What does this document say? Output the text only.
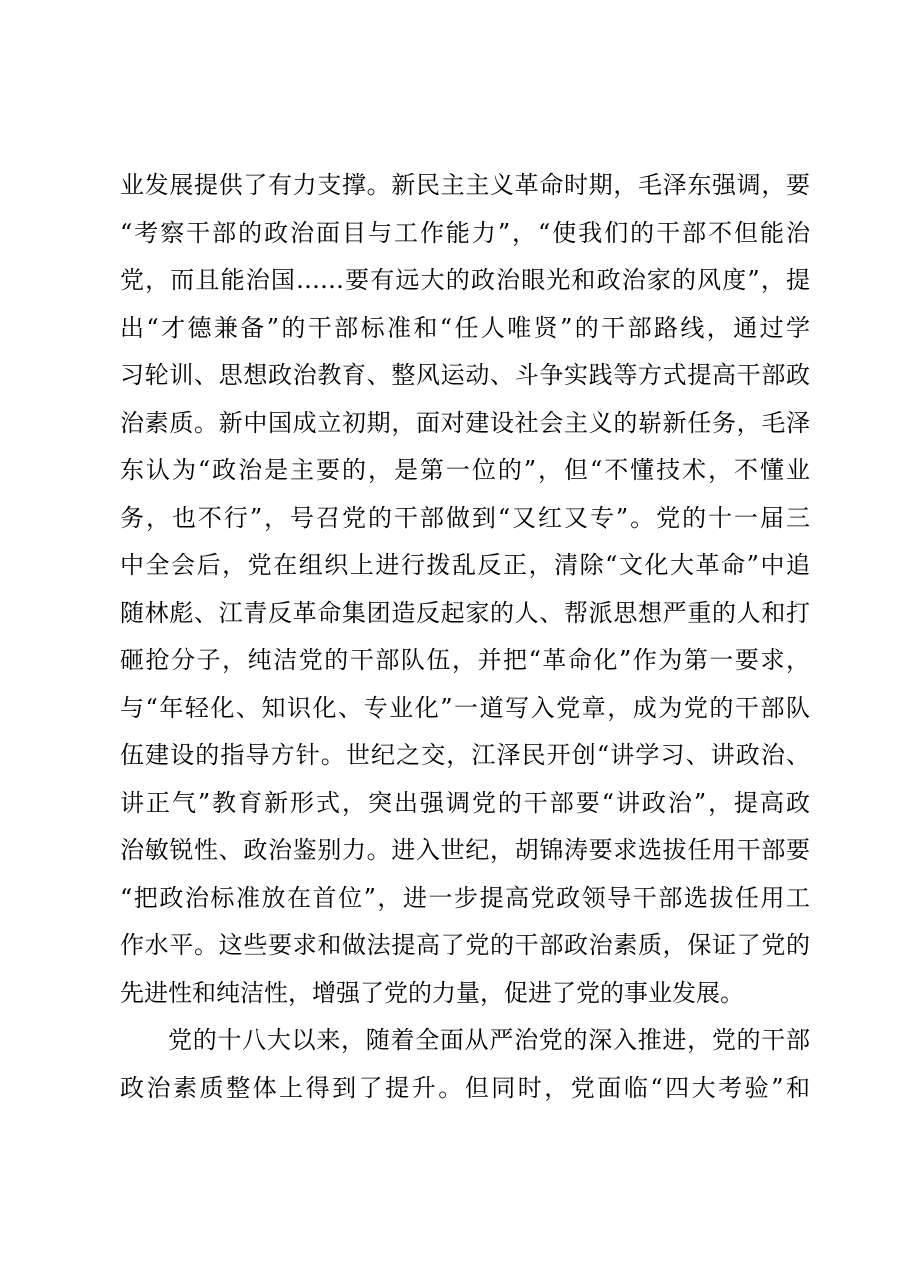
业发展提供了有力支撑。新民主主义革命时期，毛泽东强调，要
“考察干部的政治面目与工作能力”，“使我们的干部不但能治
党，而且能治国……要有远大的政治眼光和政治家的风度”，提
出“才德兼备”的干部标准和“任人唯贤”的干部路线，通过学
习轮训、思想政治教育、整风运动、斗争实践等方式提高干部政
治素质。新中国成立初期，面对建设社会主义的崭新任务，毛泽
东认为“政治是主要的，是第一位的”，但“不懂技术，不懂业
务，也不行”，号召党的干部做到“又红又专”。党的十一届三
中全会后，党在组织上进行拨乱反正，清除“文化大革命”中追
随林彪、江青反革命集团造反起家的人、帮派思想严重的人和打
砸抢分子，纯洁党的干部队伍，并把“革命化”作为第一要求，
与“年轻化、知识化、专业化”一道写入党章，成为党的干部队
伍建设的指导方针。世纪之交，江泽民开创“讲学习、讲政治、
讲正气”教育新形式，突出强调党的干部要“讲政治”，提高政
治敏锐性、政治鉴别力。进入世纪，胡锦涛要求选拔任用干部要
“把政治标准放在首位”，进一步提高党政领导干部选拔任用工
作水平。这些要求和做法提高了党的干部政治素质，保证了党的
先进性和纯洁性，增强了党的力量，促进了党的事业发展。
党的十八大以来，随着全面从严治党的深入推进，党的干部
政治素质整体上得到了提升。但同时，党面临“四大考验”和
